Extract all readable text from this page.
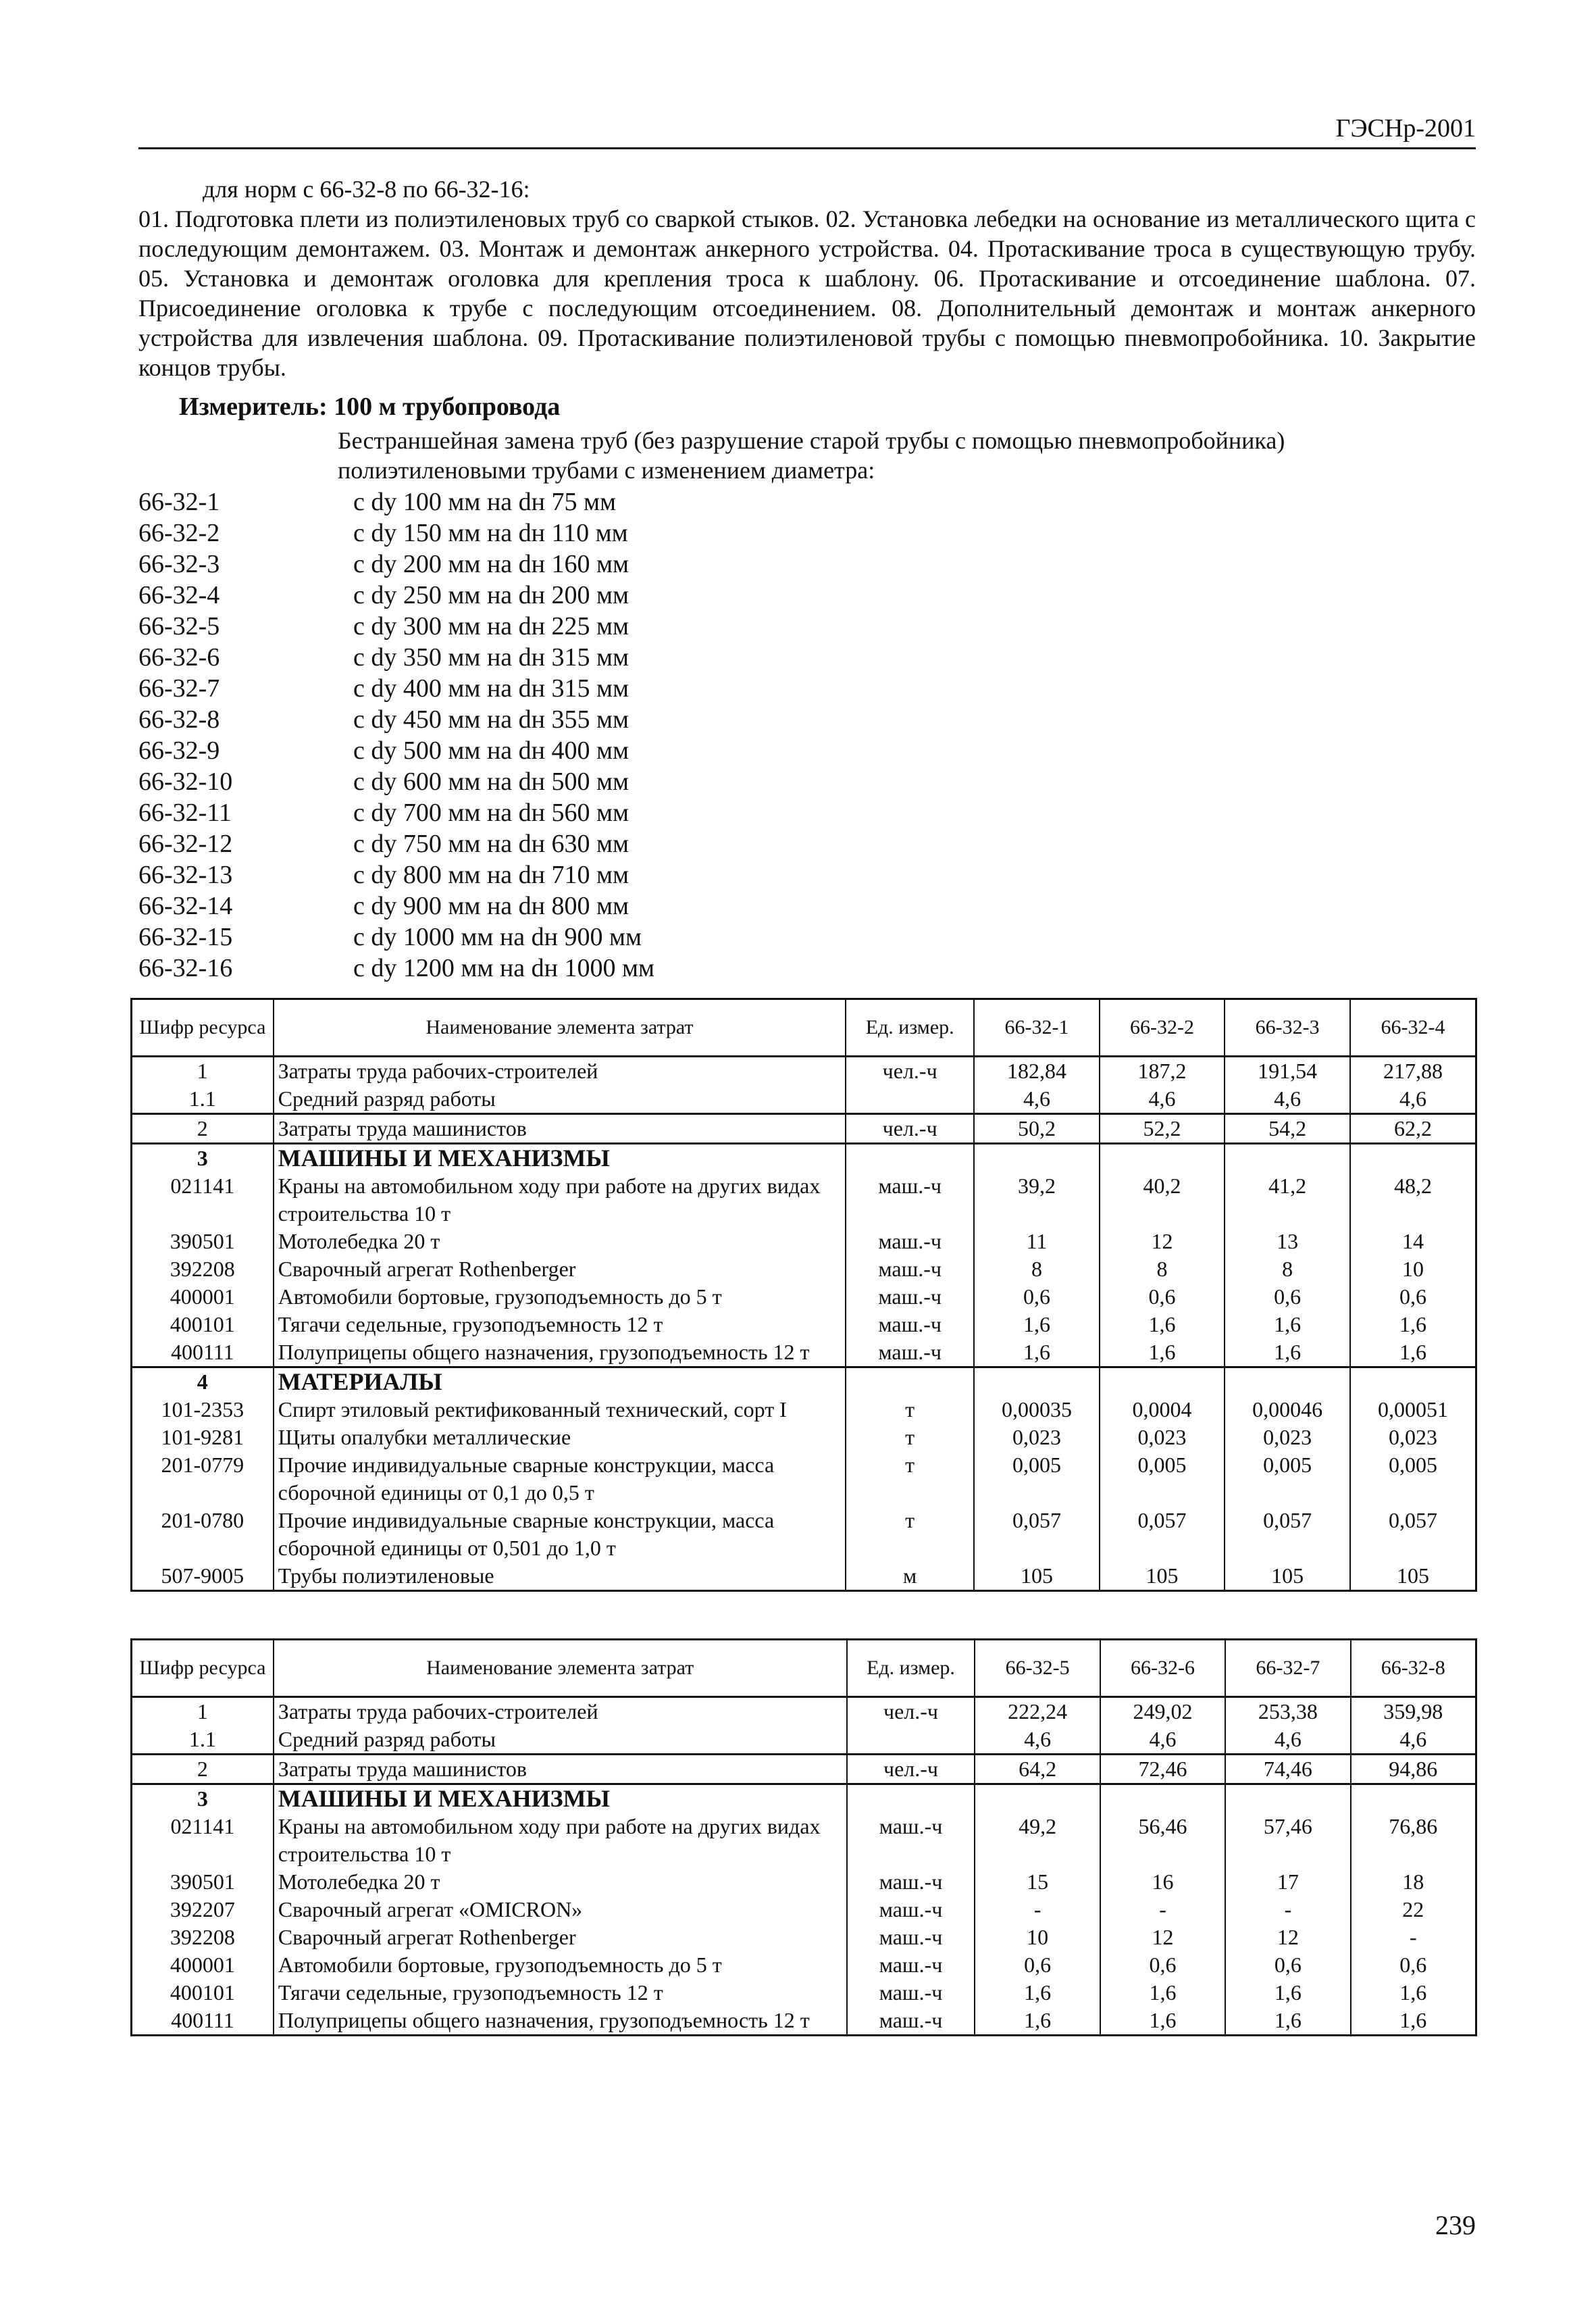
ГЭСНр-2001

для норм с 66-32-8 по 66-32-16:

01. Подготовка плети из полиэтиленовых труб со сваркой стыков. 02. Установка лебедки на основание из металлического щита с последующим демонтажем. 03. Монтаж и демонтаж анкерного устройства. 04. Протаскивание троса в существующую трубу. 05. Установка и демонтаж оголовка для крепления троса к шаблону. 06. Протаскивание и отсоединение шаблона. 07. Присоединение оголовка к трубе с последующим отсоединением. 08. Дополнительный демонтаж и монтаж анкерного устройства для извлечения шаблона. 09. Протаскивание полиэтиленовой трубы с помощью пневмопробойника. 10. Закрытие концов трубы.

Измеритель: 100 м трубопровода
Бестраншейная замена труб (без разрушение старой трубы с помощью пневмопробойника) полиэтиленовыми трубами с изменением диаметра:
66-32-1	с dу 100 мм на dн 75 мм
66-32-2	с dу 150 мм на dн 110 мм
66-32-3	с dу 200 мм на dн 160 мм
66-32-4	с dу 250 мм на dн 200 мм
66-32-5	с dу 300 мм на dн 225 мм
66-32-6	с dу 350 мм на dн 315 мм
66-32-7	с dу 400 мм на dн 315 мм
66-32-8	с dу 450 мм на dн 355 мм
66-32-9	с dу 500 мм на dн 400 мм
66-32-10	с dу 600 мм на dн 500 мм
66-32-11	с dу 700 мм на dн 560 мм
66-32-12	с dу 750 мм на dн 630 мм
66-32-13	с dу 800 мм на dн 710 мм
66-32-14	с dу 900 мм на dн 800 мм
66-32-15	с dу 1000 мм на dн 900 мм
66-32-16	с dу 1200 мм на dн 1000 мм
Шифр ресурса	Наименование элемента затрат	Ед. измер.	66-32-1	66-32-2	66-32-3	66-32-4
1	Затраты труда рабочих-строителей	чел.-ч	182,84	187,2	191,54	217,88
1.1	Средний разряд работы		4,6	4,6	4,6	4,6
2	Затраты труда машинистов	чел.-ч	50,2	52,2	54,2	62,2
3	МАШИНЫ И МЕХАНИЗМЫ					
021141	Краны на автомобильном ходу при работе на других видах строительства 10 т	маш.-ч	39,2	40,2	41,2	48,2
390501	Мотолебедка 20 т	маш.-ч	11	12	13	14
392208	Сварочный агрегат Rothenberger	маш.-ч	8	8	8	10
400001	Автомобили бортовые, грузоподъемность до 5 т	маш.-ч	0,6	0,6	0,6	0,6
400101	Тягачи седельные, грузоподъемность 12 т	маш.-ч	1,6	1,6	1,6	1,6
400111	Полуприцепы общего назначения, грузоподъемность 12 т	маш.-ч	1,6	1,6	1,6	1,6
4	МАТЕРИАЛЫ					
101-2353	Спирт этиловый ректификованный технический, сорт I	т	0,00035	0,0004	0,00046	0,00051
101-9281	Щиты опалубки металлические	т	0,023	0,023	0,023	0,023
201-0779	Прочие индивидуальные сварные конструкции, масса сборочной единицы от 0,1 до 0,5 т	т	0,005	0,005	0,005	0,005
201-0780	Прочие индивидуальные сварные конструкции, масса сборочной единицы от 0,501 до 1,0 т	т	0,057	0,057	0,057	0,057
507-9005	Трубы полиэтиленовые	м	105	105	105	105
Шифр ресурса	Наименование элемента затрат	Ед. измер.	66-32-5	66-32-6	66-32-7	66-32-8
1	Затраты труда рабочих-строителей	чел.-ч	222,24	249,02	253,38	359,98
1.1	Средний разряд работы		4,6	4,6	4,6	4,6
2	Затраты труда машинистов	чел.-ч	64,2	72,46	74,46	94,86
3	МАШИНЫ И МЕХАНИЗМЫ					
021141	Краны на автомобильном ходу при работе на других видах строительства 10 т	маш.-ч	49,2	56,46	57,46	76,86
390501	Мотолебедка 20 т	маш.-ч	15	16	17	18
392207	Сварочный агрегат «OMICRON»	маш.-ч	-	-	-	22
392208	Сварочный агрегат Rothenberger	маш.-ч	10	12	12	-
400001	Автомобили бортовые, грузоподъемность до 5 т	маш.-ч	0,6	0,6	0,6	0,6
400101	Тягачи седельные, грузоподъемность 12 т	маш.-ч	1,6	1,6	1,6	1,6
400111	Полуприцепы общего назначения, грузоподъемность 12 т	маш.-ч	1,6	1,6	1,6	1,6
239
